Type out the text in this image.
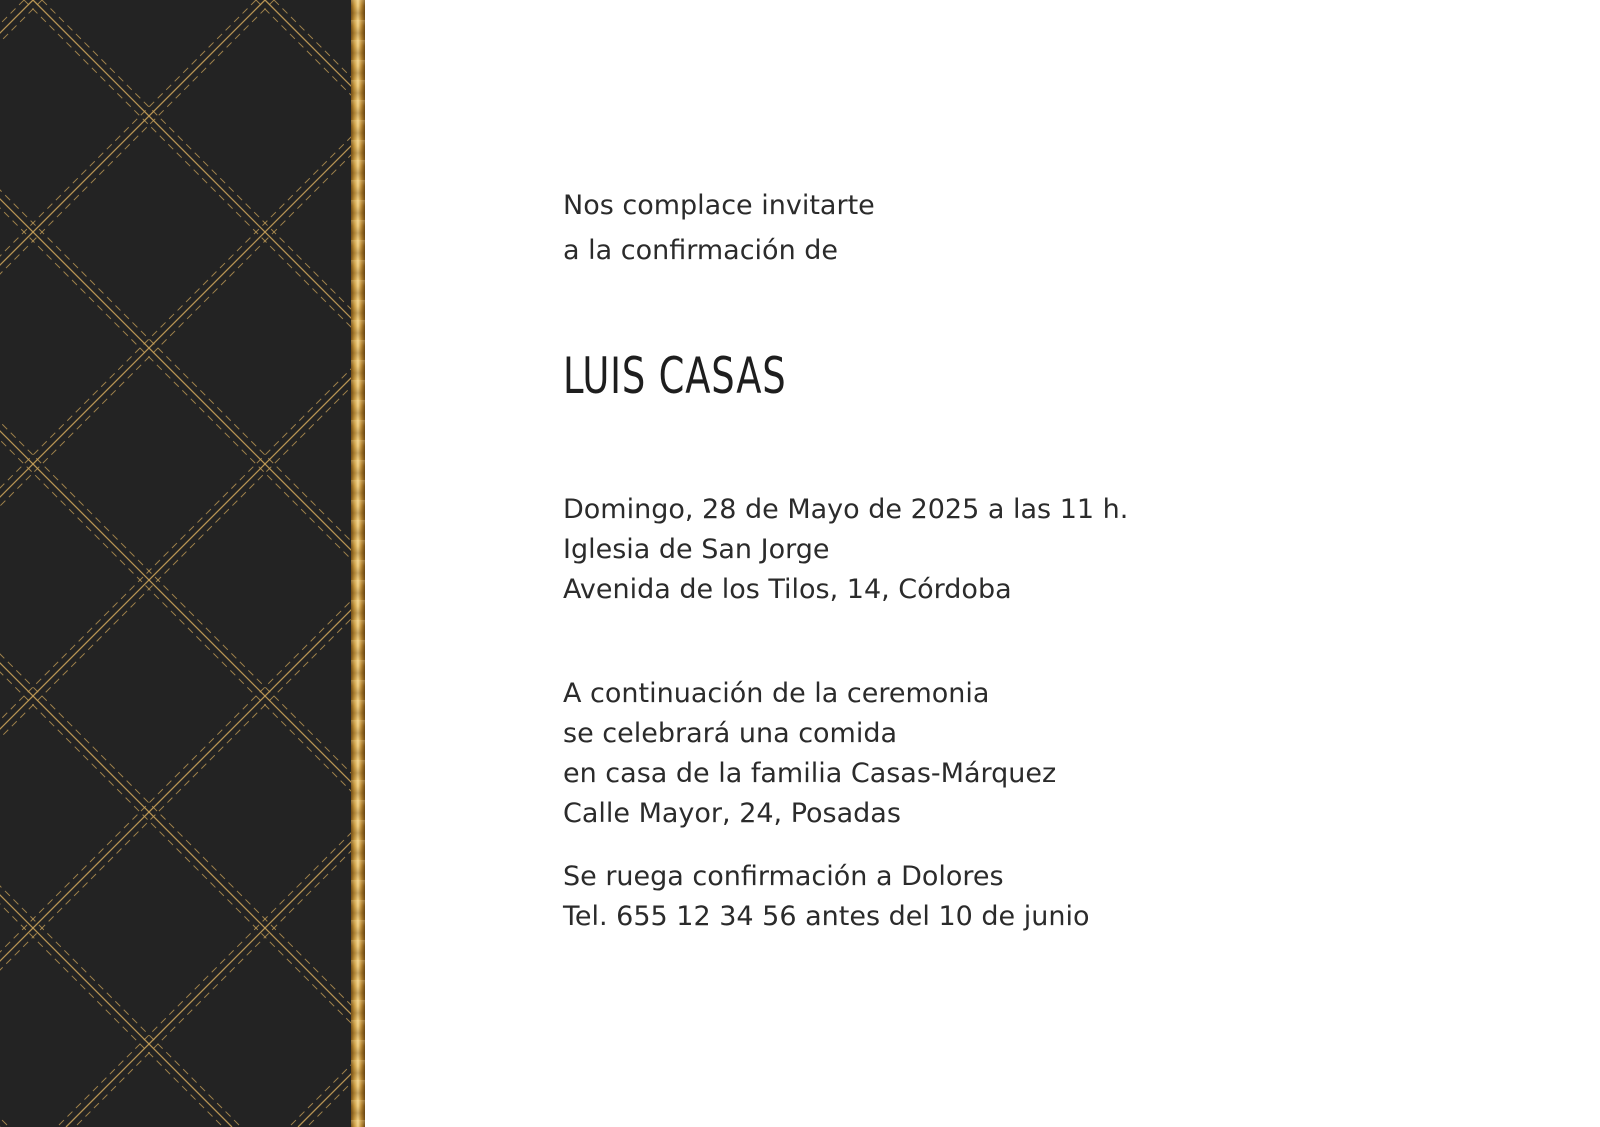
Nos complace invitarte

a la confirmación de

LUIS CASAS

Domingo, 28 de Mayo de 2025 a las 11 h.

Iglesia de San Jorge

Avenida de los Tilos, 14, Córdoba

A continuación de la ceremonia

se celebrará una comida

en casa de la familia Casas-Márquez

Calle Mayor, 24, Posadas

Se ruega confirmación a Dolores

Tel. 655 12 34 56 antes del 10 de junio
